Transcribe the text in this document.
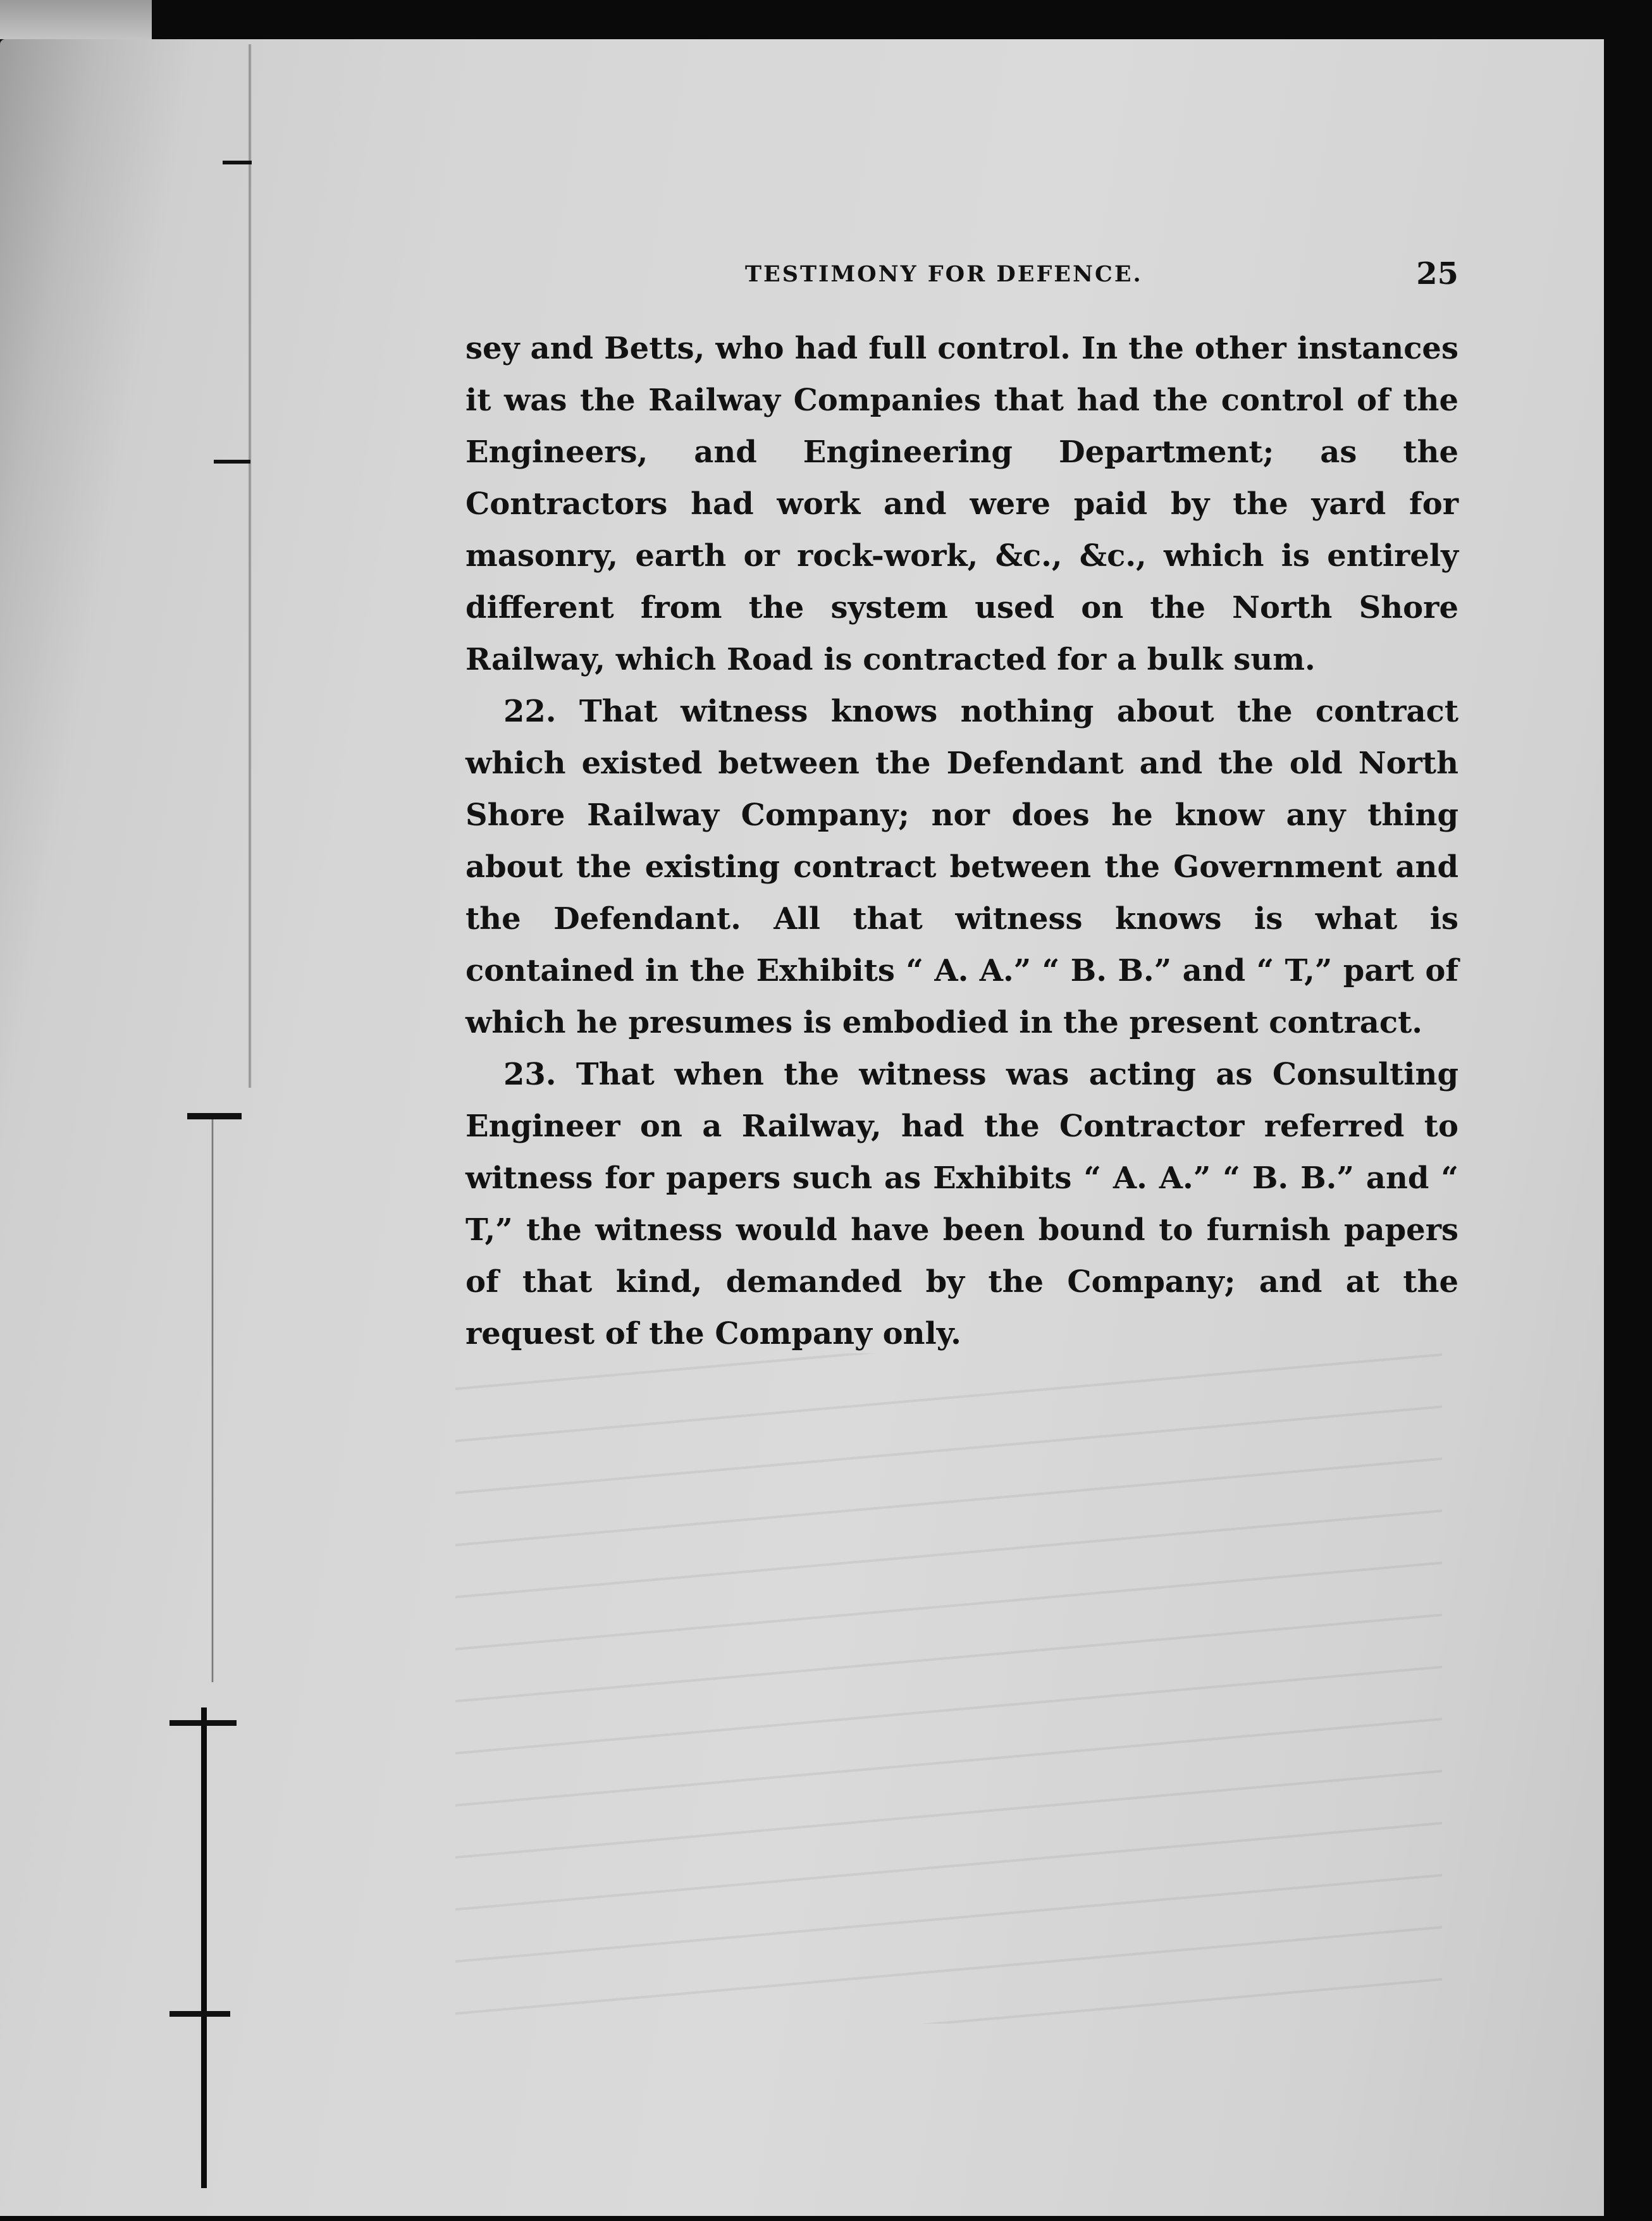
TESTIMONY FOR DEFENCE.	25

sey and Betts, who had full control. In the other instances it was the Railway Companies that had the control of the Engineers, and Engineering Department; as the Contractors had work and were paid by the yard for masonry, earth or rock-work, &c., &c., which is entirely different from the system used on the North Shore Railway, which Road is contracted for a bulk sum.

22. That witness knows nothing about the contract which existed between the Defendant and the old North Shore Railway Company; nor does he know any thing about the existing contract between the Government and the Defendant. All that witness knows is what is contained in the Exhibits “ A. A.” “ B. B.” and “ T,” part of which he presumes is embodied in the present contract.

23. That when the witness was acting as Consulting Engineer on a Railway, had the Contractor referred to witness for papers such as Exhibits “ A. A.” “ B. B.” and “ T,” the witness would have been bound to furnish papers of that kind, demanded by the Company; and at the request of the Company only.
